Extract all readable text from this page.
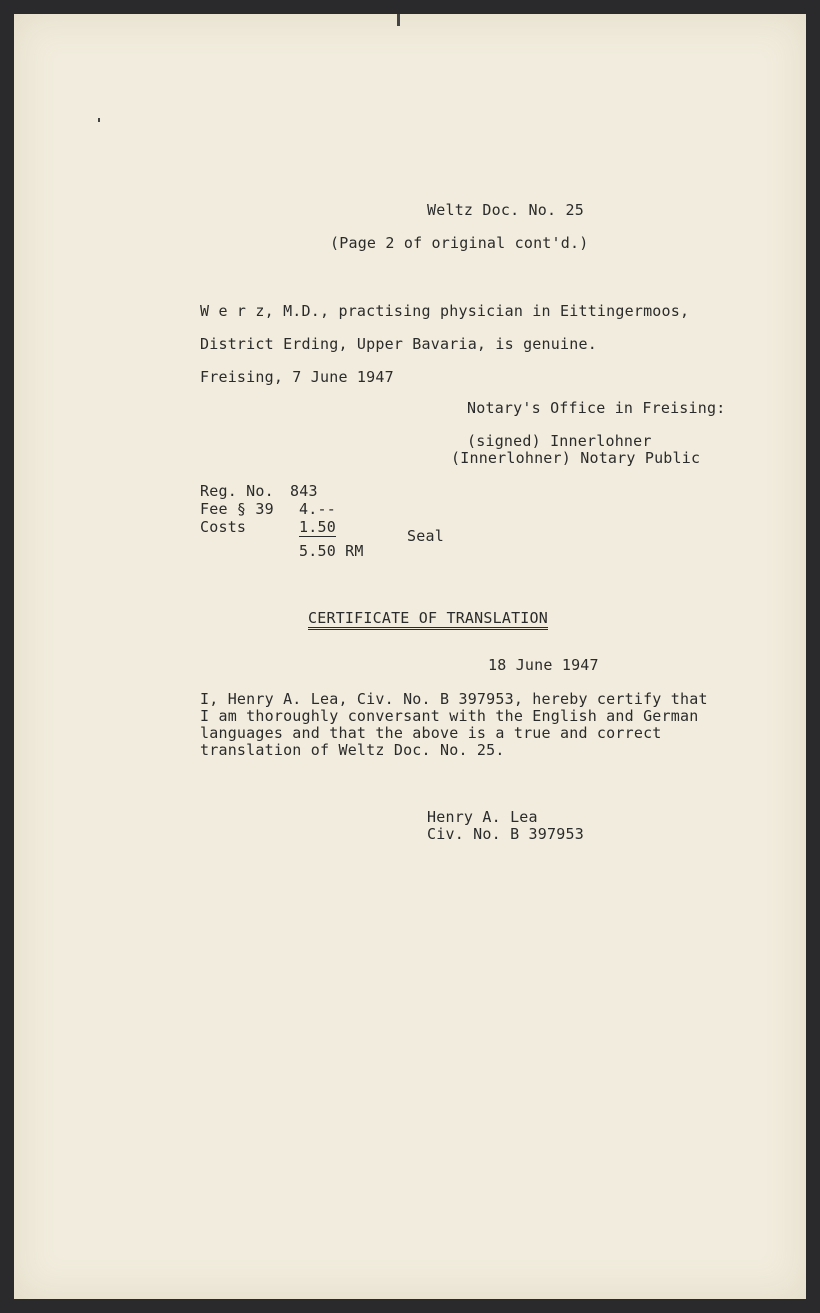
Weltz Doc. No. 25
(Page 2 of original cont'd.)
W e r z, M.D., practising physician in Eittingermoos,
District Erding, Upper Bavaria, is genuine.
Freising, 7 June 1947
Notary's Office in Freising:
(signed) Innerlohner
(Innerlohner) Notary Public
Reg. No. 843
Fee § 39 4.--
Costs	1.50
5.50 RM
Seal
CERTIFICATE OF TRANSLATION
18 June 1947
I, Henry A. Lea, Civ. No. B 397953, hereby certify that
I am thoroughly conversant with the English and German
languages and that the above is a true and correct
translation of Weltz Doc. No. 25.
Henry A. Lea
Civ. No. B 397953
